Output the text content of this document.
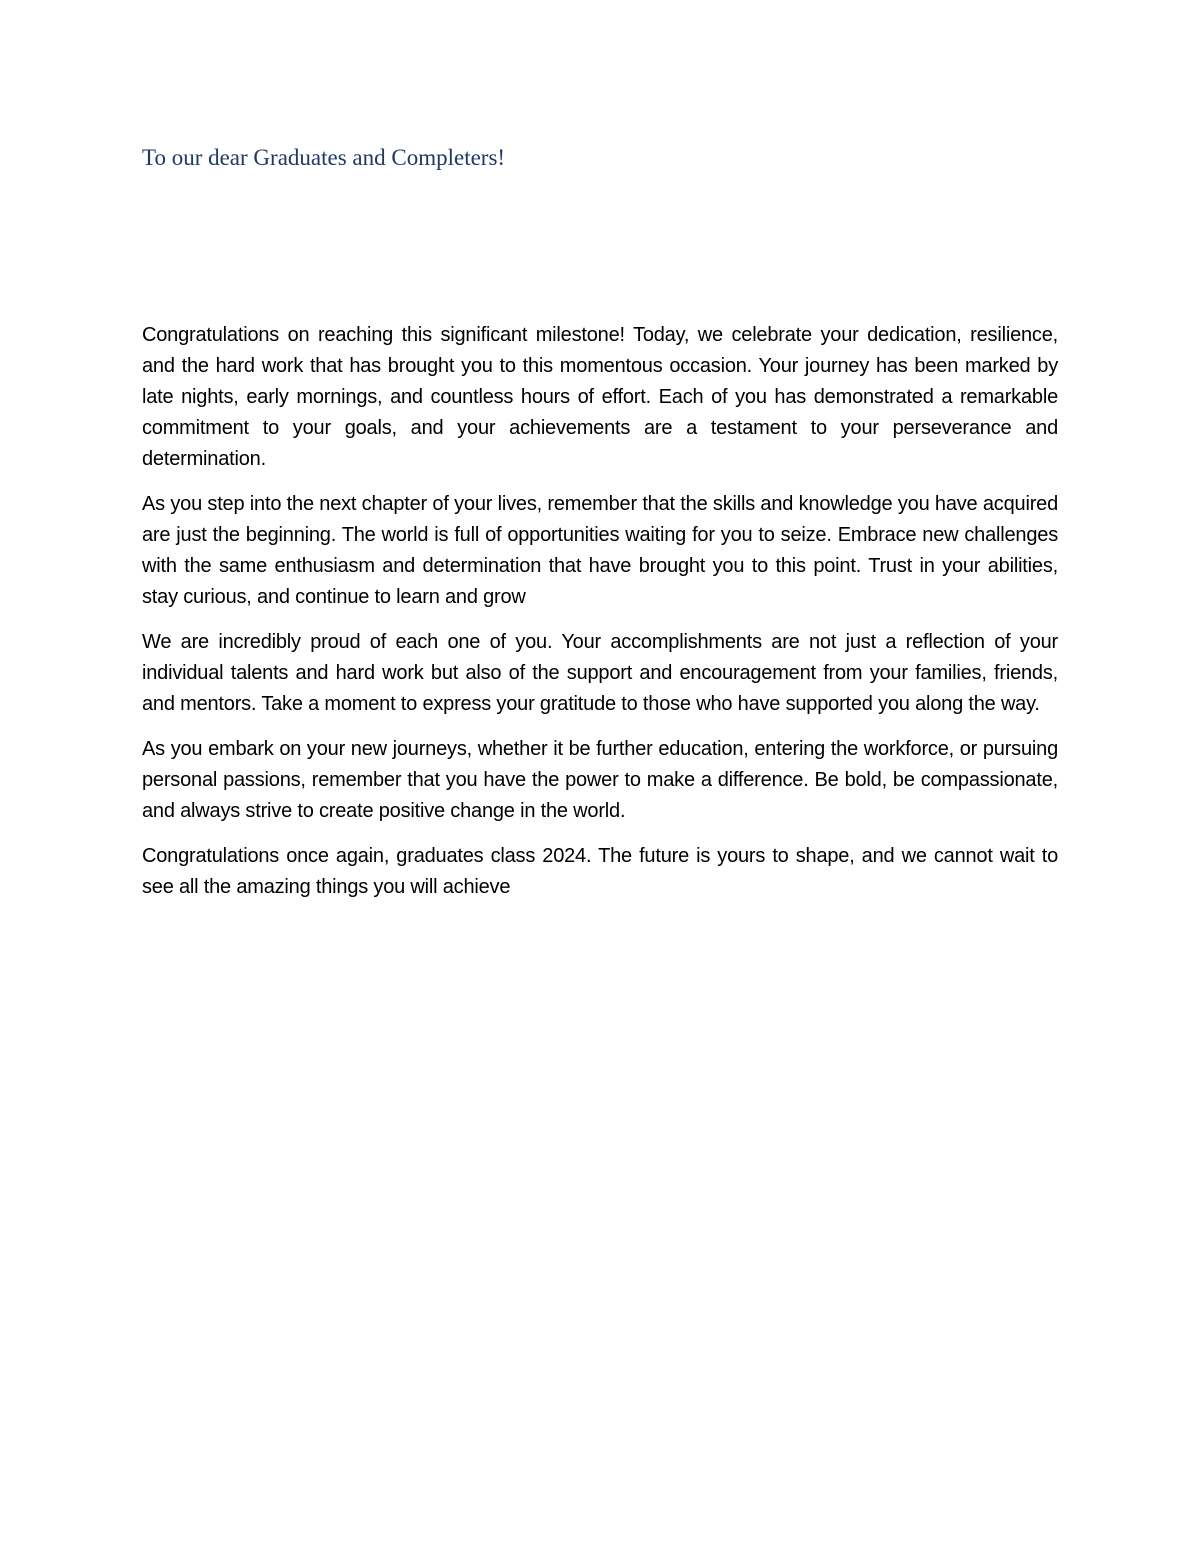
To our dear Graduates and Completers!

Congratulations on reaching this significant milestone! Today, we celebrate your dedication, resilience, and the hard work that has brought you to this momentous occasion. Your journey has been marked by late nights, early mornings, and countless hours of effort. Each of you has demonstrated a remarkable commitment to your goals, and your achievements are a testament to your perseverance and determination.

As you step into the next chapter of your lives, remember that the skills and knowledge you have acquired are just the beginning. The world is full of opportunities waiting for you to seize. Embrace new challenges with the same enthusiasm and determination that have brought you to this point. Trust in your abilities, stay curious, and continue to learn and grow

We are incredibly proud of each one of you. Your accomplishments are not just a reflection of your individual talents and hard work but also of the support and encouragement from your families, friends, and mentors. Take a moment to express your gratitude to those who have supported you along the way.

As you embark on your new journeys, whether it be further education, entering the workforce, or pursuing personal passions, remember that you have the power to make a difference. Be bold, be compassionate, and always strive to create positive change in the world.

Congratulations once again, graduates class 2024. The future is yours to shape, and we cannot wait to see all the amazing things you will achieve
